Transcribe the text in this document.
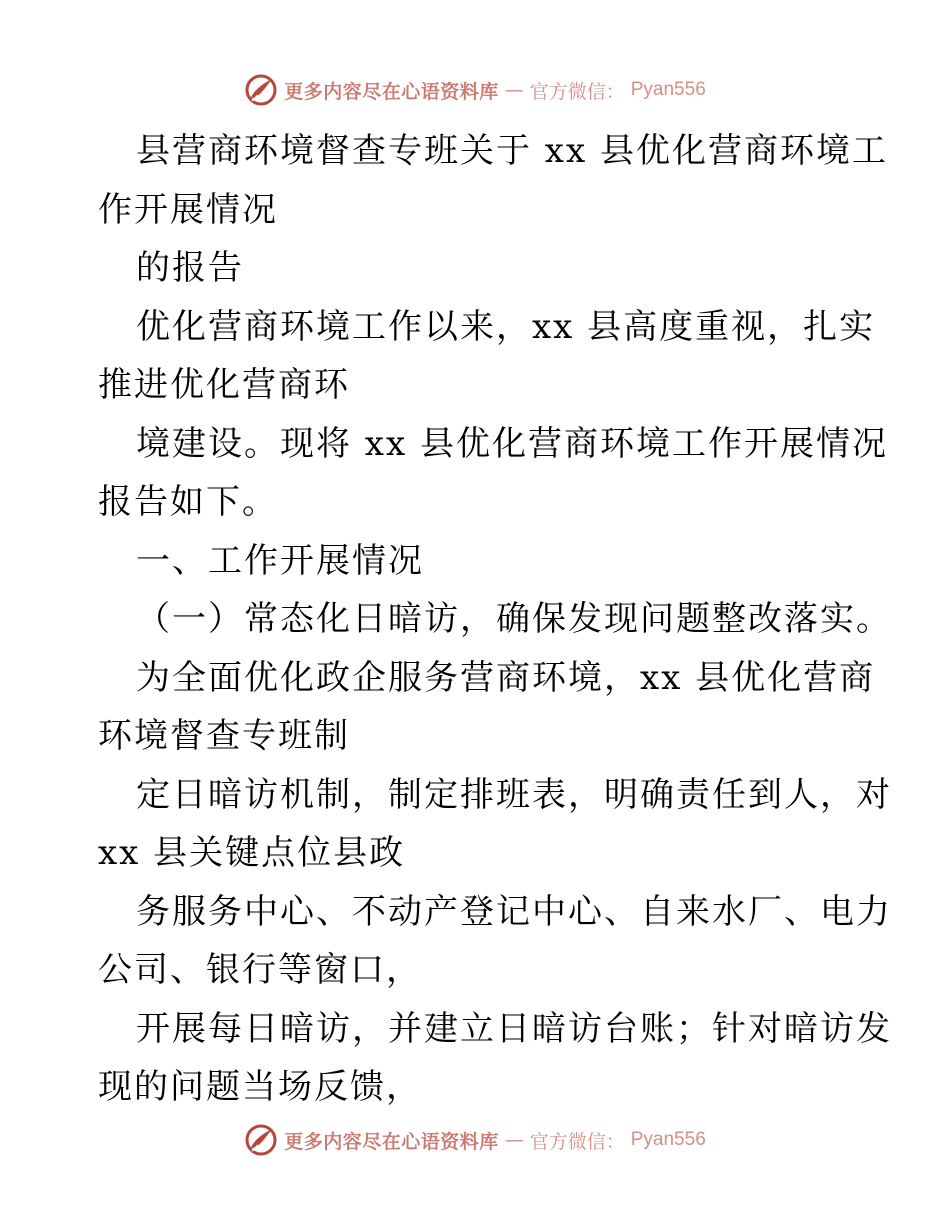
更多内容尽在心语资料库 — 官方微信： Pyan556
县营商环境督查专班关于 xx 县优化营商环境工
作开展情况
的报告
优化营商环境工作以来，xx 县高度重视，扎实
推进优化营商环
境建设。现将 xx 县优化营商环境工作开展情况
报告如下。
一、工作开展情况
（一）常态化日暗访，确保发现问题整改落实。
为全面优化政企服务营商环境，xx 县优化营商
环境督查专班制
定日暗访机制，制定排班表，明确责任到人，对
xx 县关键点位县政
务服务中心、不动产登记中心、自来水厂、电力
公司、银行等窗口，
开展每日暗访，并建立日暗访台账；针对暗访发
现的问题当场反馈，
更多内容尽在心语资料库 — 官方微信： Pyan556
